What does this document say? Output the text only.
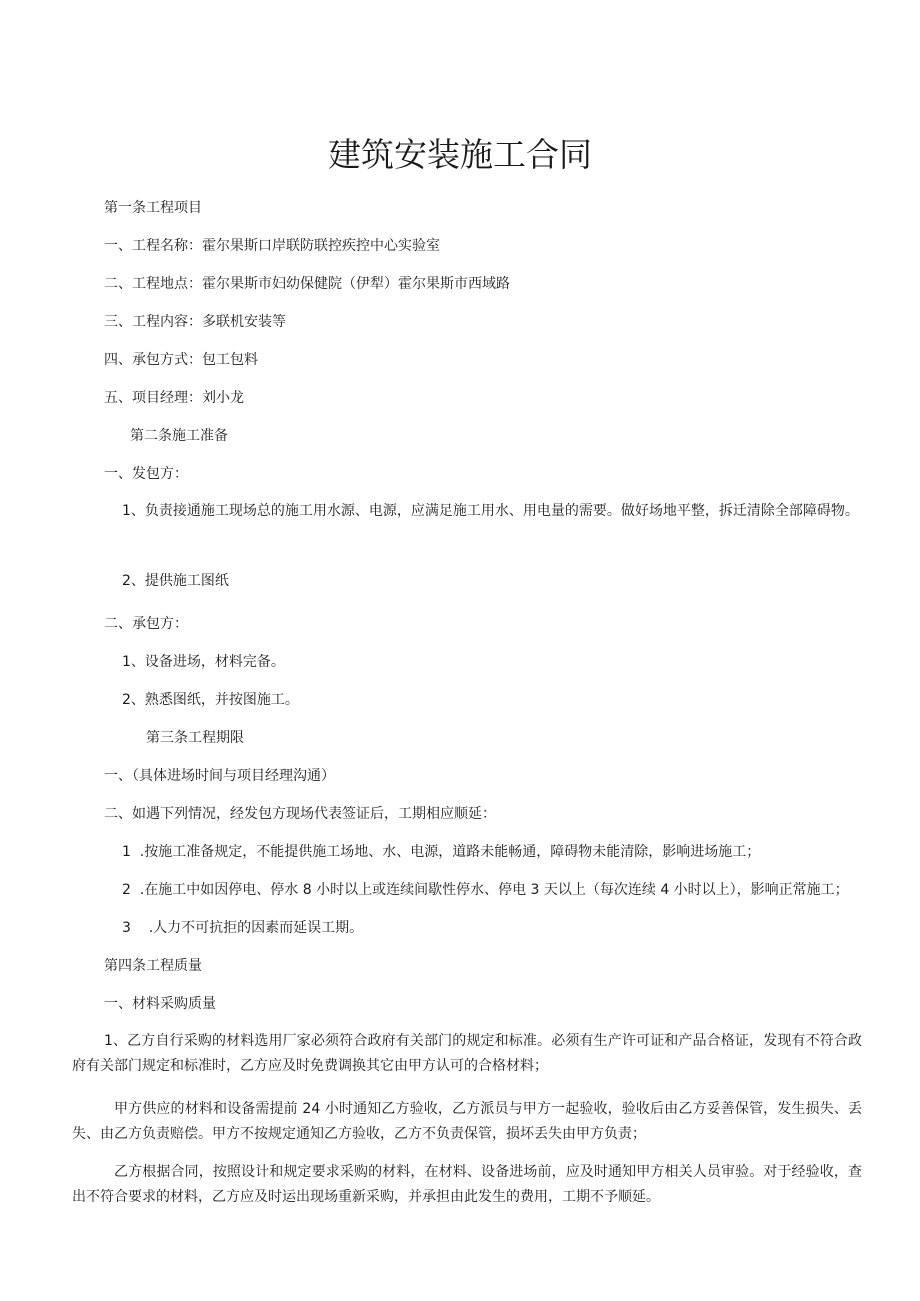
建筑安装施工合同
第一条工程项目
一、工程名称：霍尔果斯口岸联防联控疾控中心实验室
二、工程地点：霍尔果斯市妇幼保健院（伊犁）霍尔果斯市西域路
三、工程内容：多联机安装等
四、承包方式：包工包料
五、项目经理：刘小龙
第二条施工准备
一、发包方：
1、负责接通施工现场总的施工用水源、电源，应满足施工用水、用电量的需要。做好场地平整，拆迁清除全部障碍物。
2、提供施工图纸
二、承包方：
1、设备进场，材料完备。
2、熟悉图纸，并按图施工。
第三条工程期限
一、（具体进场时间与项目经理沟通）
二、如遇下列情况，经发包方现场代表签证后，工期相应顺延：
1  .按施工准备规定，不能提供施工场地、水、电源，道路未能畅通，障碍物未能清除，影响进场施工；
2  .在施工中如因停电、停水 8 小时以上或连续间歇性停水、停电 3 天以上（每次连续 4 小时以上），影响正常施工；
3    .人力不可抗拒的因素而延误工期。
第四条工程质量
一、材料采购质量
1、乙方自行采购的材料选用厂家必须符合政府有关部门的规定和标准。必须有生产许可证和产品合格证，发现有不符合政府有关部门规定和标准时，乙方应及时免费调换其它由甲方认可的合格材料；
甲方供应的材料和设备需提前 24 小时通知乙方验收，乙方派员与甲方一起验收，验收后由乙方妥善保管，发生损失、丢失、由乙方负责赔偿。甲方不按规定通知乙方验收，乙方不负责保管，损坏丢失由甲方负责；
乙方根据合同，按照设计和规定要求采购的材料，在材料、设备进场前，应及时通知甲方相关人员审验。对于经验收，查出不符合要求的材料，乙方应及时运出现场重新采购，并承担由此发生的费用，工期不予顺延。
